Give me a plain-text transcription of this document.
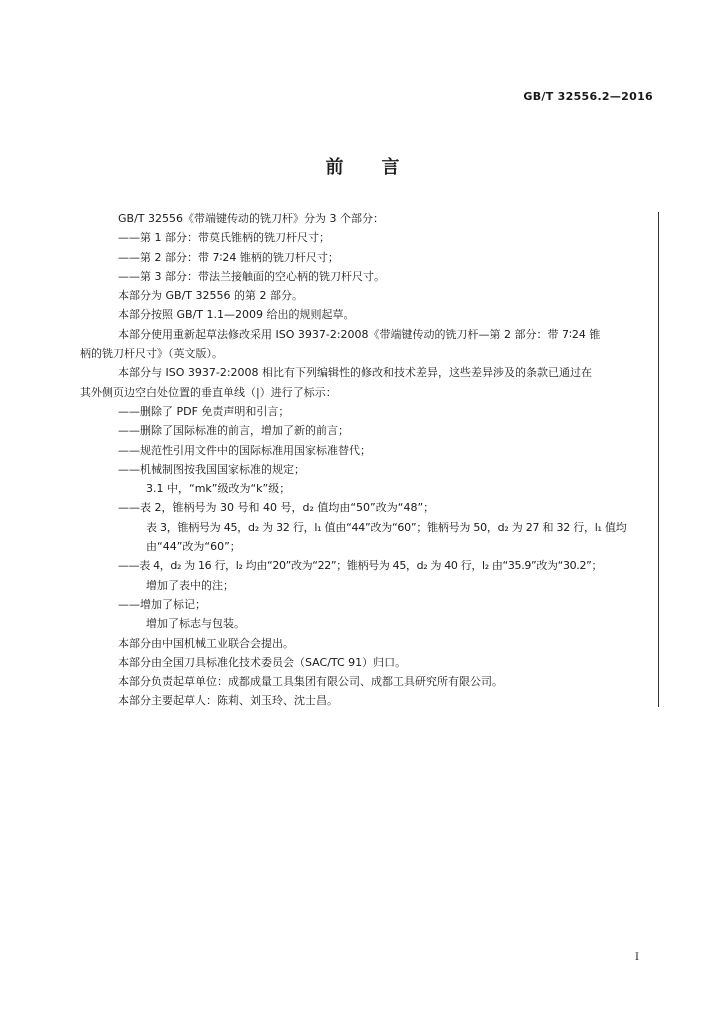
GB/T 32556.2—2016
前言
GB/T 32556《带端键传动的铣刀杆》分为 3 个部分：
——第 1 部分：带莫氏锥柄的铣刀杆尺寸；
——第 2 部分：带 7∶24 锥柄的铣刀杆尺寸；
——第 3 部分：带法兰接触面的空心柄的铣刀杆尺寸。
本部分为 GB/T 32556 的第 2 部分。
本部分按照 GB/T 1.1—2009 给出的规则起草。
本部分使用重新起草法修改采用 ISO 3937-2:2008《带端键传动的铣刀杆—第 2 部分：带 7∶24 锥
柄的铣刀杆尺寸》（英文版）。
本部分与 ISO 3937-2:2008 相比有下列编辑性的修改和技术差异，这些差异涉及的条款已通过在
其外侧页边空白处位置的垂直单线（|）进行了标示：
——删除了 PDF 免责声明和引言；
——删除了国际标准的前言，增加了新的前言；
——规范性引用文件中的国际标准用国家标准替代；
——机械制图按我国国家标准的规定；
3.1 中，“mk”级改为“k”级；
——表 2，锥柄号为 30 号和 40 号，d₂ 值均由“50”改为“48”；
表 3，锥柄号为 45，d₂ 为 32 行，l₁ 值由“44”改为“60”；锥柄号为 50，d₂ 为 27 和 32 行，l₁ 值均
由“44”改为“60”；
——表 4，d₂ 为 16 行，l₂ 均由“20”改为“22”；锥柄号为 45，d₂ 为 40 行，l₂ 由“35.9”改为“30.2”；
增加了表中的注；
——增加了标记；
增加了标志与包装。
本部分由中国机械工业联合会提出。
本部分由全国刀具标准化技术委员会（SAC/TC 91）归口。
本部分负责起草单位：成都成量工具集团有限公司、成都工具研究所有限公司。
本部分主要起草人：陈莉、刘玉玲、沈士昌。
I
